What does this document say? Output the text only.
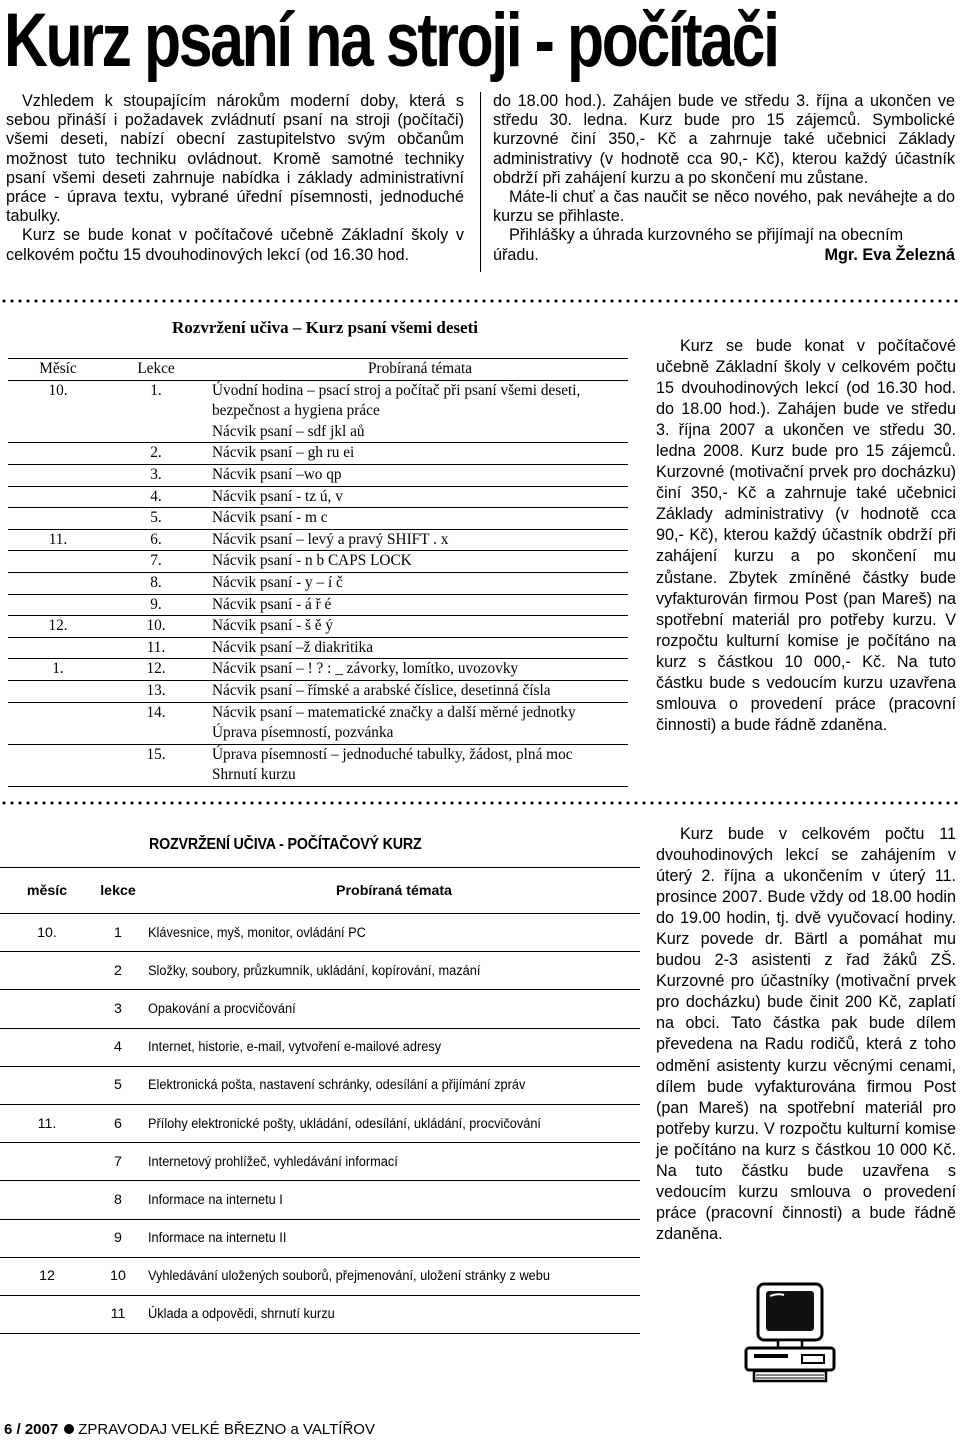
Kurz psaní na stroji - počítači

Vzhledem k stoupajícím nárokům moderní doby, která s sebou přináší i požadavek zvládnutí psaní na stroji (počítači) všemi deseti, nabízí obecní zastupitelstvo svým občanům možnost tuto techniku ovládnout. Kromě samotné techniky psaní všemi deseti zahrnuje nabídka i základy administrativní práce - úprava textu, vybrané úřední písemnosti, jednoduché tabulky.

Kurz se bude konat v počítačové učebně Základní školy v celkovém počtu 15 dvouhodinových lekcí (od 16.30 hod.

do 18.00 hod.). Zahájen bude ve středu 3. října a ukončen ve středu 30. ledna. Kurz bude pro 15 zájemců. Symbolické kurzovné činí 350,- Kč a zahrnuje také učebnici Základy administrativy (v hodnotě cca 90,- Kč), kterou každý účastník obdrží při zahájení kurzu a po skončení mu zůstane.

Máte-li chuť a čas naučit se něco nového, pak neváhejte a do kurzu se přihlaste.

Přihlášky a úhrada kurzovného se přijímají na obecním

úřadu.	Mgr. Eva Železná
Rozvržení učiva – Kurz psaní všemi deseti
Měsíc	Lekce	Probíraná témata
10.	1.	Úvodní hodina – psací stroj a počítač při psaní všemi deseti,
bezpečnost a hygiena práce
Nácvik psaní – sdf jkl aů

	2.	Nácvik psaní – gh ru ei

	3.	Nácvik psaní –wo qp

	4.	Nácvik psaní - tz ú, v

	5.	Nácvik psaní - m c

11.	6.	Nácvik psaní – levý a pravý SHIFT . x

	7.	Nácvik psaní - n b CAPS LOCK

	8.	Nácvik psaní - y – í č

	9.	Nácvik psaní - á ř é

12.	10.	Nácvik psaní - š ě ý

	11.	Nácvik psaní –ž diakritika

1.	12.	Nácvik psaní – ! ? : _ závorky, lomítko, uvozovky

	13.	Nácvik psaní – římské a arabské číslice, desetinná čísla

	14.	Nácvik psaní – matematické značky a další měrné jednotky
Úprava písemností, pozvánka

	15.	Úprava písemností – jednoduché tabulky, žádost, plná moc
Shrnutí kurzu
Kurz se bude konat v počítačové učebně Základní školy v celkovém počtu 15 dvouhodinových lekcí (od 16.30 hod. do 18.00 hod.). Zahájen bude ve středu 3. října 2007 a ukončen ve středu 30. ledna 2008. Kurz bude pro 15 zájemců. Kurzovné (motivační prvek pro docházku) činí 350,- Kč a zahrnuje také učebnici Základy administrativy (v hodnotě cca 90,- Kč), kterou každý účastník obdrží při zahájení kurzu a po skončení mu zůstane. Zbytek zmíněné částky bude vyfakturován firmou Post (pan Mareš) na spotřební materiál pro potřeby kurzu. V rozpočtu kulturní komise je počítáno na kurz s částkou 10 000,- Kč. Na tuto částku bude s vedoucím kurzu uzavřena smlouva o provedení práce (pracovní činnosti) a bude řádně zdaněna.
ROZVRŽENÍ UČIVA - POČÍTAČOVÝ KURZ
měsíc	lekce	Probíraná témata
10.	1	Klávesnice, myš, monitor, ovládání PC
	2	Složky, soubory, průzkumník, ukládání, kopírování, mazání
	3	Opakování a procvičování
	4	Internet, historie, e-mail, vytvoření e-mailové adresy
	5	Elektronická pošta, nastavení schránky, odesílání a přijímání zpráv
11.	6	Přílohy elektronické pošty, ukládání, odesílání, ukládání, procvičování
	7	Internetový prohlížeč, vyhledávání informací
	8	Informace na internetu I
	9	Informace na internetu II
12	10	Vyhledávání uložených souborů, přejmenování, uložení stránky z webu
	11	Úklada a odpovědi, shrnutí kurzu
Kurz bude v celkovém počtu 11 dvouhodinových lekcí se zahájením v úterý 2. října a ukončením v úterý 11. prosince 2007. Bude vždy od 18.00 hodin do 19.00 hodin, tj. dvě vyučovací hodiny. Kurz povede dr. Bärtl a pomáhat mu budou 2-3 asistenti z řad žáků ZŠ. Kurzovné pro účastníky (motivační prvek pro docházku) bude činit 200 Kč, zaplatí na obci. Tato částka pak bude dílem převedena na Radu rodičů, která z toho odmění asistenty kurzu věcnými cenami, dílem bude vyfakturována firmou Post (pan Mareš) na spotřební materiál pro potřeby kurzu. V rozpočtu kulturní komise je počítáno na kurz s částkou 10 000 Kč. Na tuto částku bude uzavřena s vedoucím kurzu smlouva o provedení práce (pracovní činnosti) a bude řádně zdaněna.
6 / 2007 ZPRAVODAJ VELKÉ BŘEZNO a VALTÍŘOV
